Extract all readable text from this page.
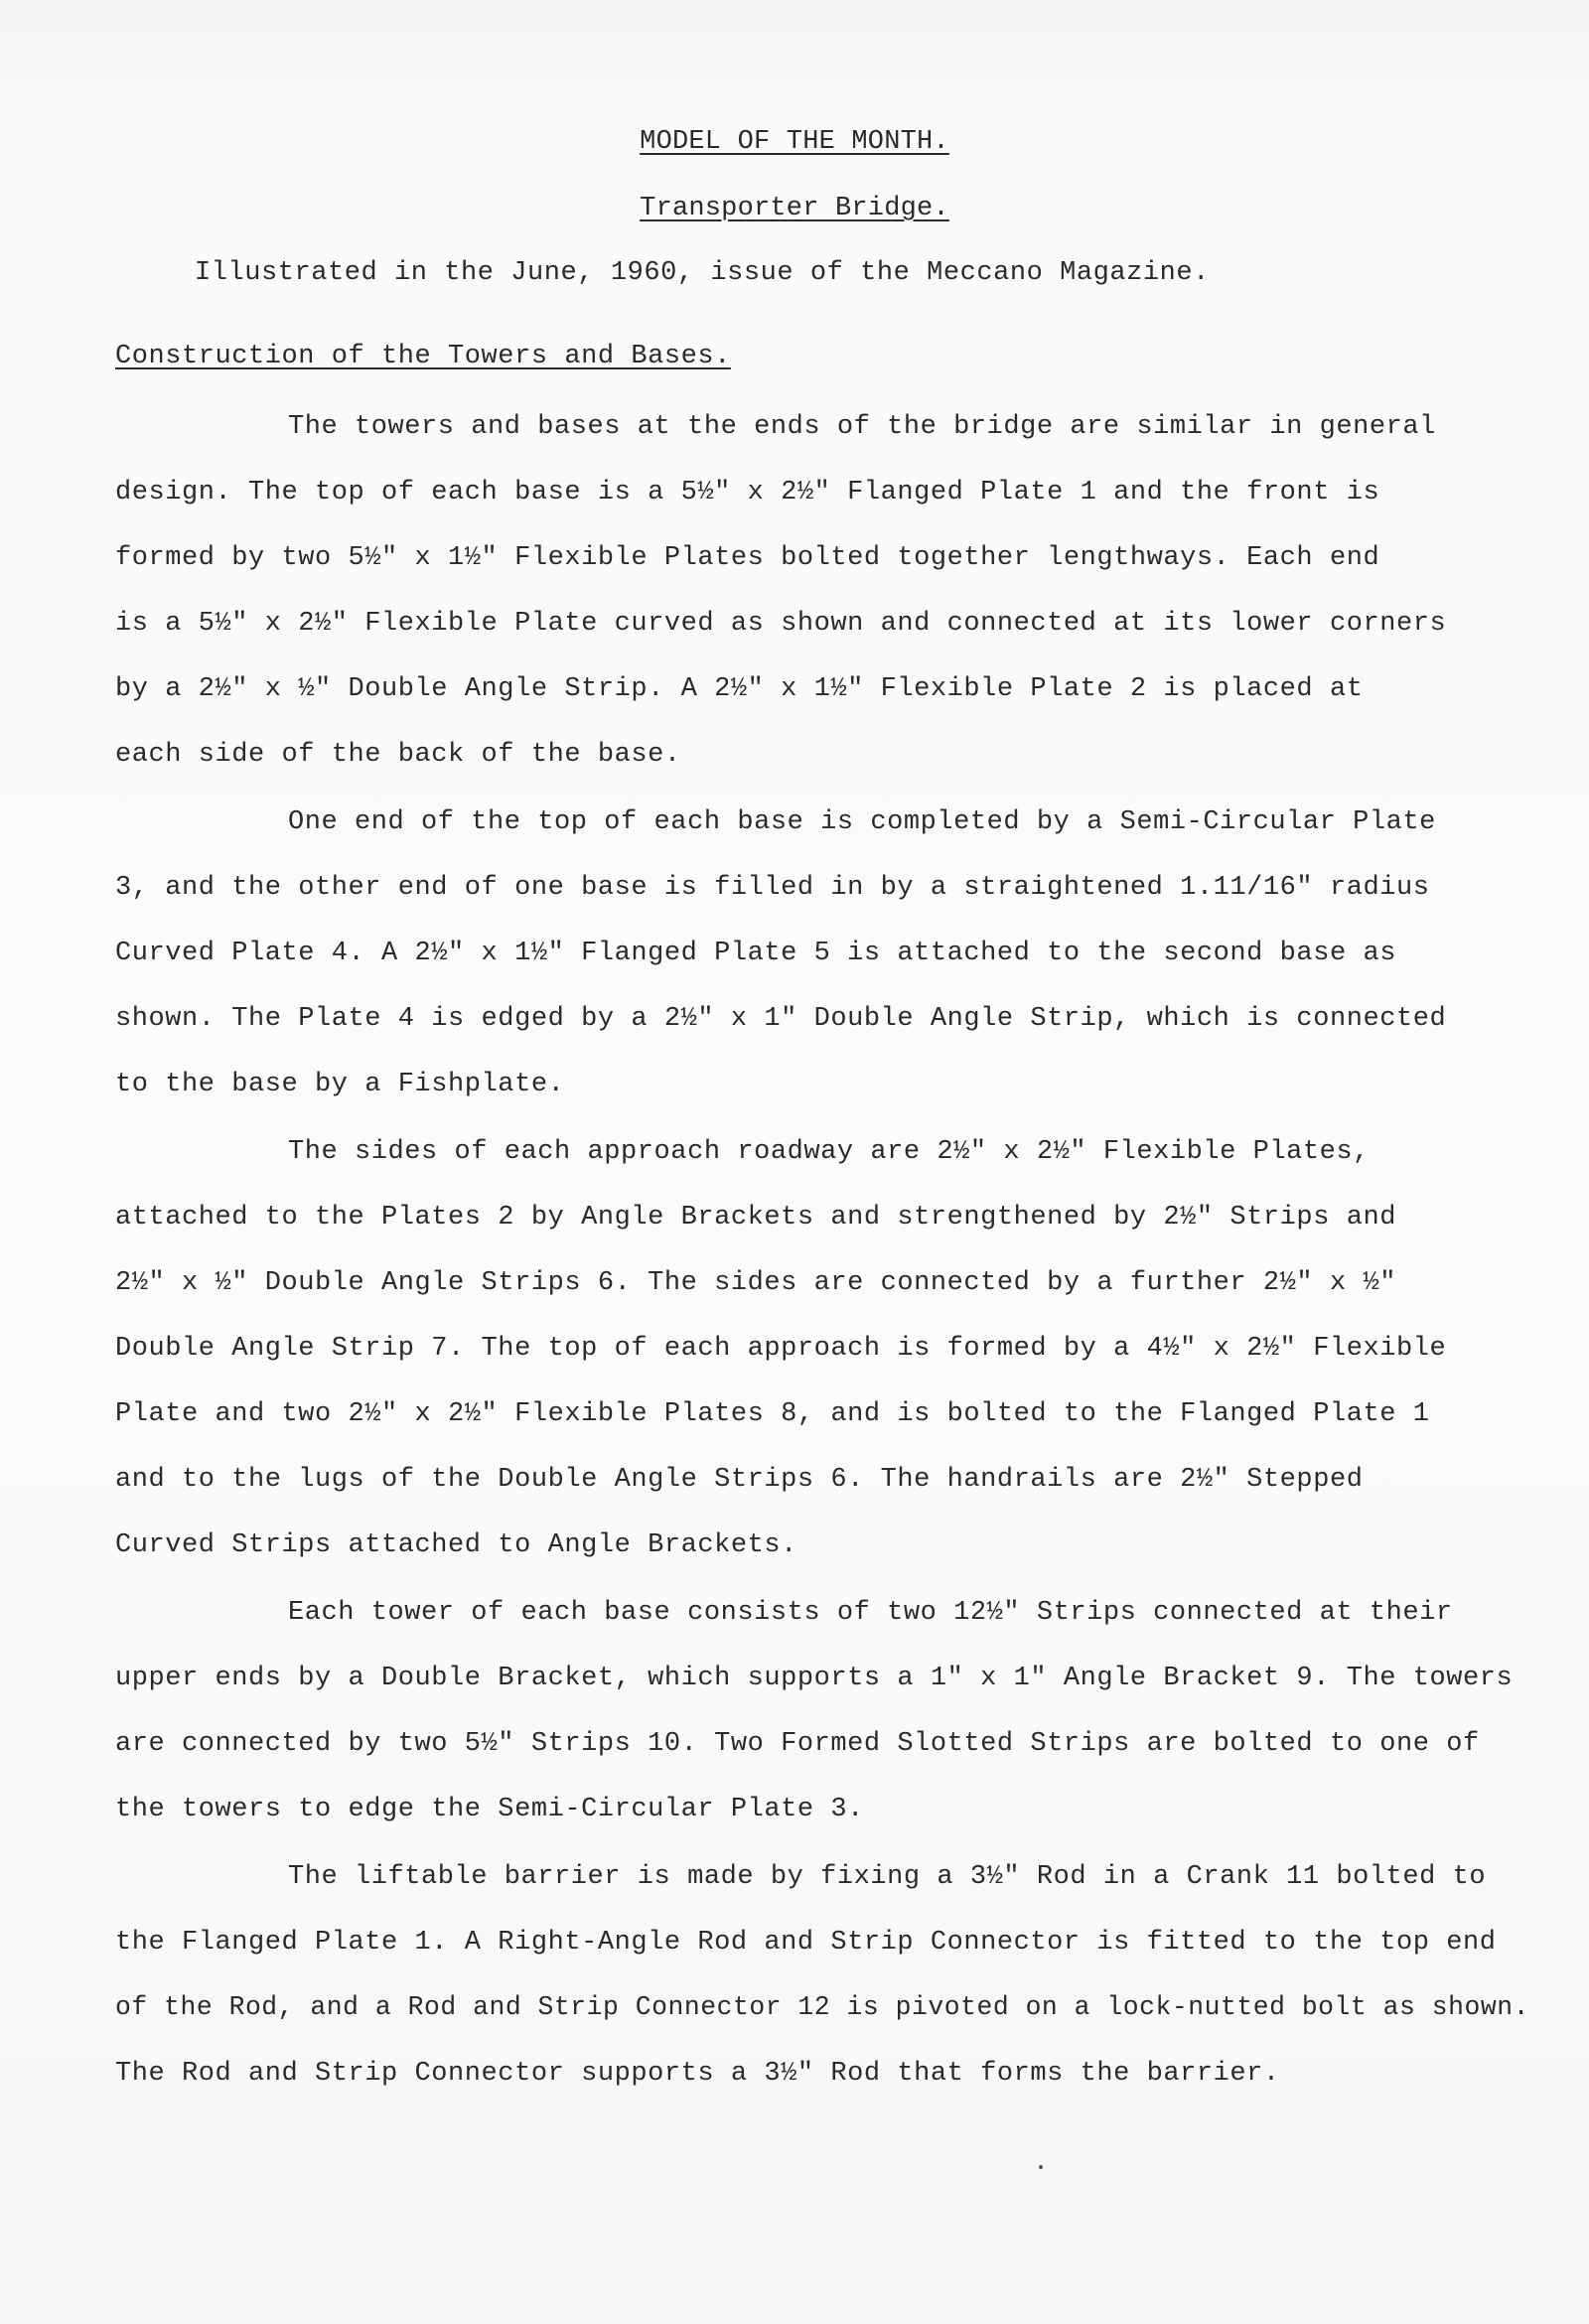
MODEL OF THE MONTH.
Transporter Bridge.
Illustrated in the June, 1960, issue of the Meccano Magazine.
Construction of the Towers and Bases.
The towers and bases at the ends of the bridge are similar in general
design. The top of each base is a 5½" x 2½" Flanged Plate 1 and the front is
formed by two 5½" x 1½" Flexible Plates bolted together lengthways. Each end
is a 5½" x 2½" Flexible Plate curved as shown and connected at its lower corners
by a 2½" x ½" Double Angle Strip. A 2½" x 1½" Flexible Plate 2 is placed at
each side of the back of the base.
One end of the top of each base is completed by a Semi-Circular Plate
3, and the other end of one base is filled in by a straightened 1.11/16" radius
Curved Plate 4. A 2½" x 1½" Flanged Plate 5 is attached to the second base as
shown. The Plate 4 is edged by a 2½" x 1" Double Angle Strip, which is connected
to the base by a Fishplate.
The sides of each approach roadway are 2½" x 2½" Flexible Plates,
attached to the Plates 2 by Angle Brackets and strengthened by 2½" Strips and
2½" x ½" Double Angle Strips 6. The sides are connected by a further 2½" x ½"
Double Angle Strip 7. The top of each approach is formed by a 4½" x 2½" Flexible
Plate and two 2½" x 2½" Flexible Plates 8, and is bolted to the Flanged Plate 1
and to the lugs of the Double Angle Strips 6. The handrails are 2½" Stepped
Curved Strips attached to Angle Brackets.
Each tower of each base consists of two 12½" Strips connected at their
upper ends by a Double Bracket, which supports a 1" x 1" Angle Bracket 9. The towers
are connected by two 5½" Strips 10. Two Formed Slotted Strips are bolted to one of
the towers to edge the Semi-Circular Plate 3.
The liftable barrier is made by fixing a 3½" Rod in a Crank 11 bolted to
the Flanged Plate 1. A Right-Angle Rod and Strip Connector is fitted to the top end
of the Rod, and a Rod and Strip Connector 12 is pivoted on a lock-nutted bolt as shown.
The Rod and Strip Connector supports a 3½" Rod that forms the barrier.
